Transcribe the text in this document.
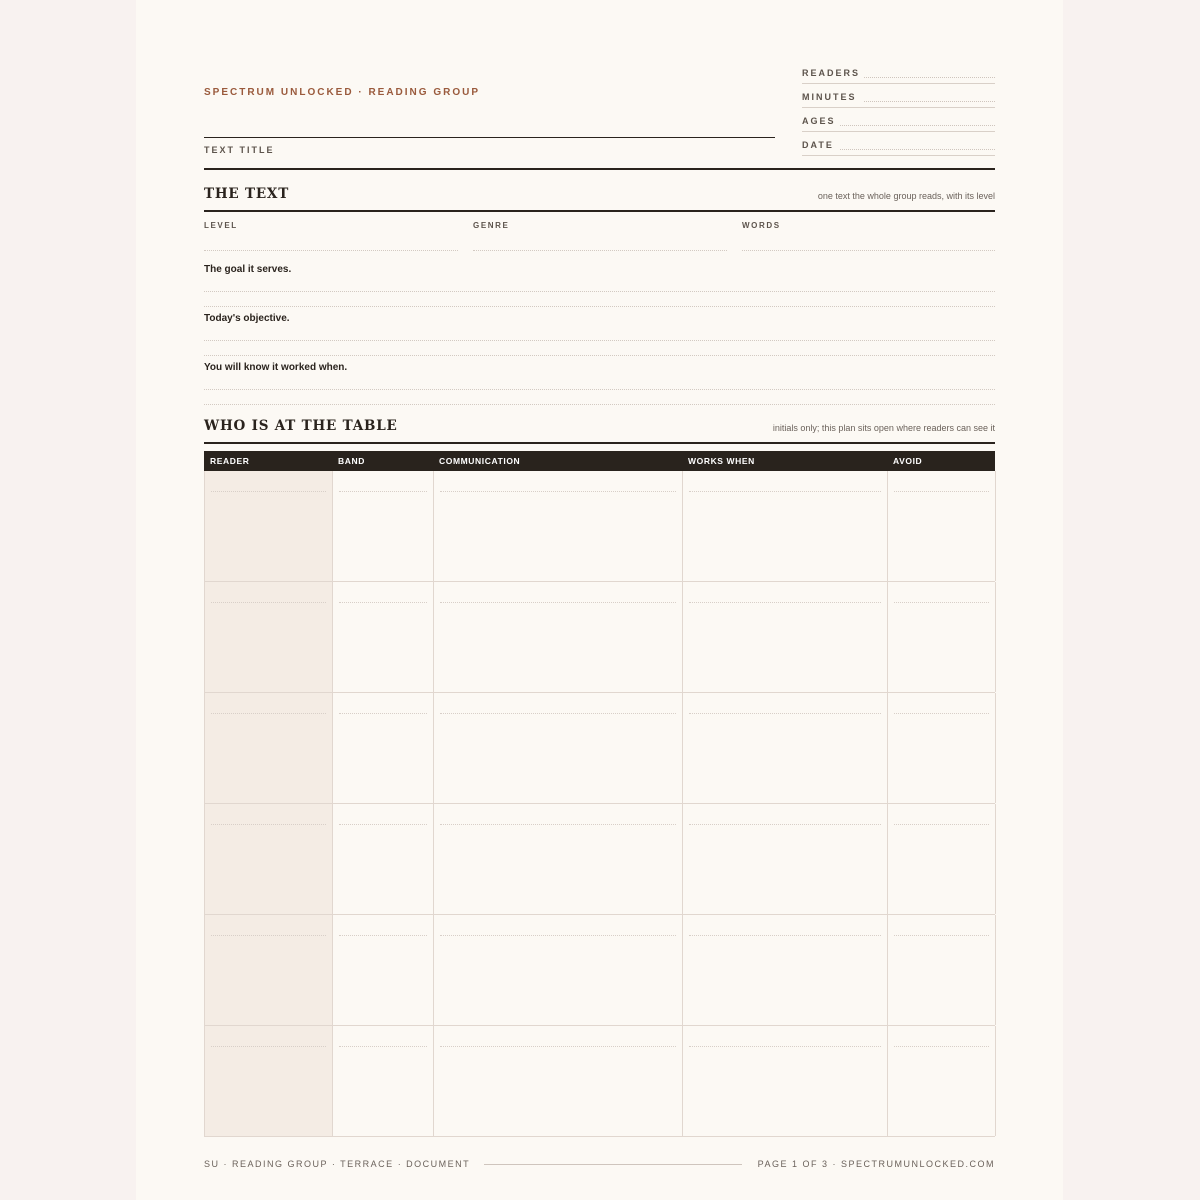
SPECTRUM UNLOCKED · READING GROUP
TEXT TITLE
READERS
MINUTES
AGES
DATE
THE TEXT	one text the whole group reads, with its level
LEVEL	GENRE	WORDS
The goal it serves.
Today's objective.
You will know it worked when.
WHO IS AT THE TABLE	initials only; this plan sits open where readers can see it
READER	BAND	COMMUNICATION	WORKS WHEN	AVOID
SU · READING GROUP · TERRACE · DOCUMENT	PAGE 1 OF 3 · SPECTRUMUNLOCKED.COM
